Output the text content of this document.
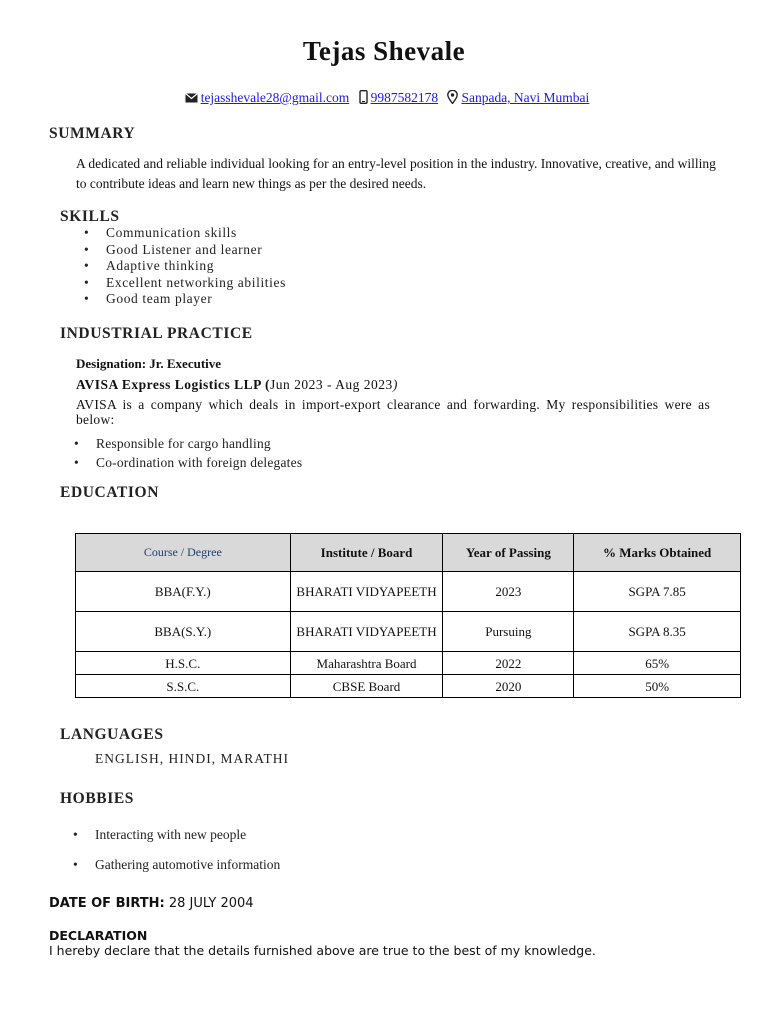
Tejas Shevale
tejasshevale28@gmail.com 9987582178 Sanpada, Navi Mumbai
SUMMARY
A dedicated and reliable individual looking for an entry-level position in the industry. Innovative, creative, and willing to contribute ideas and learn new things as per the desired needs.
SKILLS
• Communication skills
• Good Listener and learner
• Adaptive thinking
• Excellent networking abilities
• Good team player
INDUSTRIAL PRACTICE
Designation: Jr. Executive
AVISA Express Logistics LLP (Jun 2023 - Aug 2023)
AVISA is a company which deals in import-export clearance and forwarding. My responsibilities were as below:
• Responsible for cargo handling
• Co-ordination with foreign delegates
EDUCATION
Course / Degree	Institute / Board	Year of Passing	% Marks Obtained
BBA(F.Y.)	BHARATI VIDYAPEETH	2023	SGPA 7.85
BBA(S.Y.)	BHARATI VIDYAPEETH	Pursuing	SGPA 8.35
H.S.C.	Maharashtra Board	2022	65%
S.S.C.	CBSE Board	2020	50%
LANGUAGES
ENGLISH, HINDI, MARATHI
HOBBIES
• Interacting with new people
• Gathering automotive information
DATE OF BIRTH: 28 JULY 2004
DECLARATION
I hereby declare that the details furnished above are true to the best of my knowledge.
